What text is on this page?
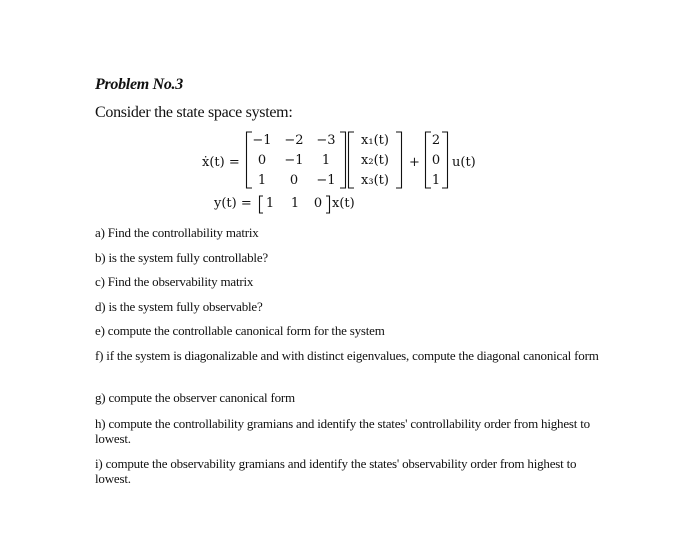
Problem No.3
Consider the state space system:
ẋ(t) =
−1 −2 −3
0	−1	1
1	0	−1
x₁(t)
x₂(t)
x₃(t)
+
2
0
1
u(t)
y(t) =	1	1	0 x(t)
a) Find the controllability matrix
b) is the system fully controllable?
c) Find the observability matrix
d) is the system fully observable?
e) compute the controllable canonical form for the system
f) if the system is diagonalizable and with distinct eigenvalues, compute the diagonal canonical form
g) compute the observer canonical form
h) compute the controllability gramians and identify the states' controllability order from highest to lowest.
i) compute the observability gramians and identify the states' observability order from highest to lowest.
